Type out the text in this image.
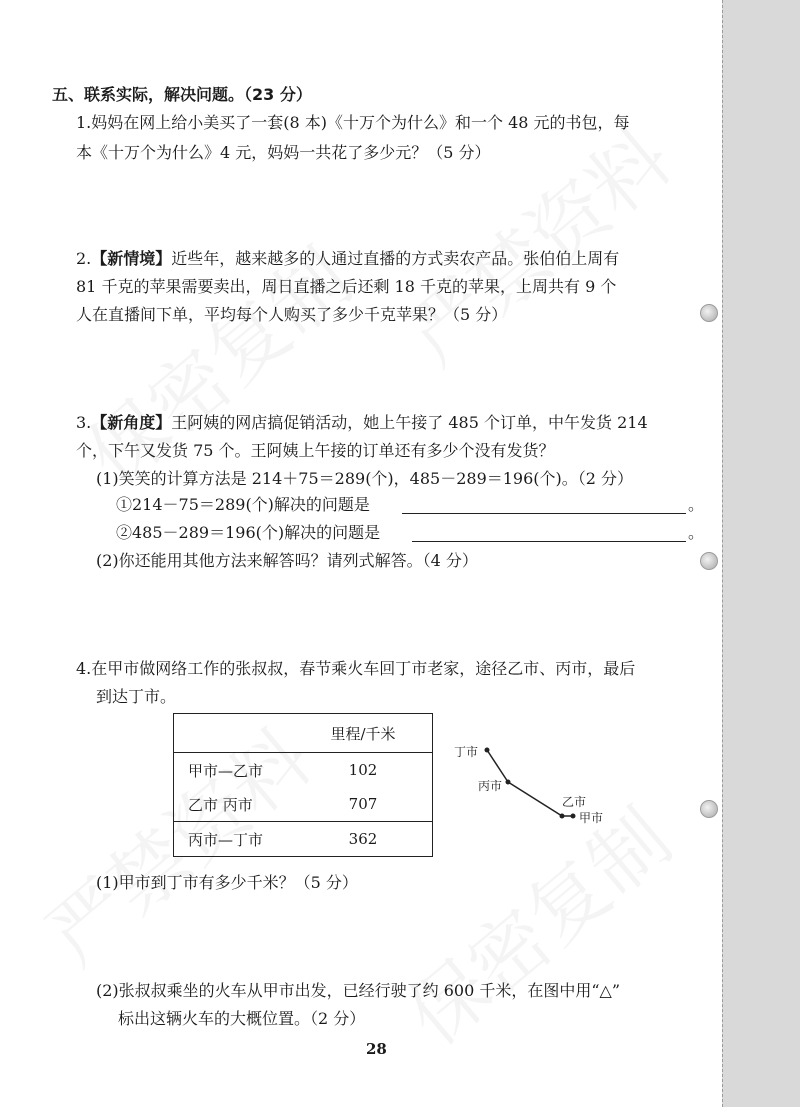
五、联系实际，解决问题。（23 分）
1.妈妈在网上给小美买了一套(8 本)《十万个为什么》和一个 48 元的书包，每
本《十万个为什么》4 元，妈妈一共花了多少元？（5 分）
2.【新情境】近些年，越来越多的人通过直播的方式卖农产品。张伯伯上周有
81 千克的苹果需要卖出，周日直播之后还剩 18 千克的苹果，上周共有 9 个
人在直播间下单，平均每个人购买了多少千克苹果？（5 分）
3.【新角度】王阿姨的网店搞促销活动，她上午接了 485 个订单，中午发货 214
个，下午又发货 75 个。王阿姨上午接的订单还有多少个没有发货？
(1)笑笑的计算方法是 214＋75＝289(个)，485－289＝196(个)。（2 分）
①214－75＝289(个)解决的问题是	。
②485－289＝196(个)解决的问题是	。
(2)你还能用其他方法来解答吗？请列式解答。（4 分）
4.在甲市做网络工作的张叔叔，春节乘火车回丁市老家，途径乙市、丙市，最后
到达丁市。
	里程/千米
甲市—乙市	102
乙市 丙市	707
丙市—丁市	362
丁市
丙市
乙市
甲市
(1)甲市到丁市有多少千米？（5 分）
(2)张叔叔乘坐的火车从甲市出发，已经行驶了约 600 千米，在图中用“△”
标出这辆火车的大概位置。（2 分）
28
